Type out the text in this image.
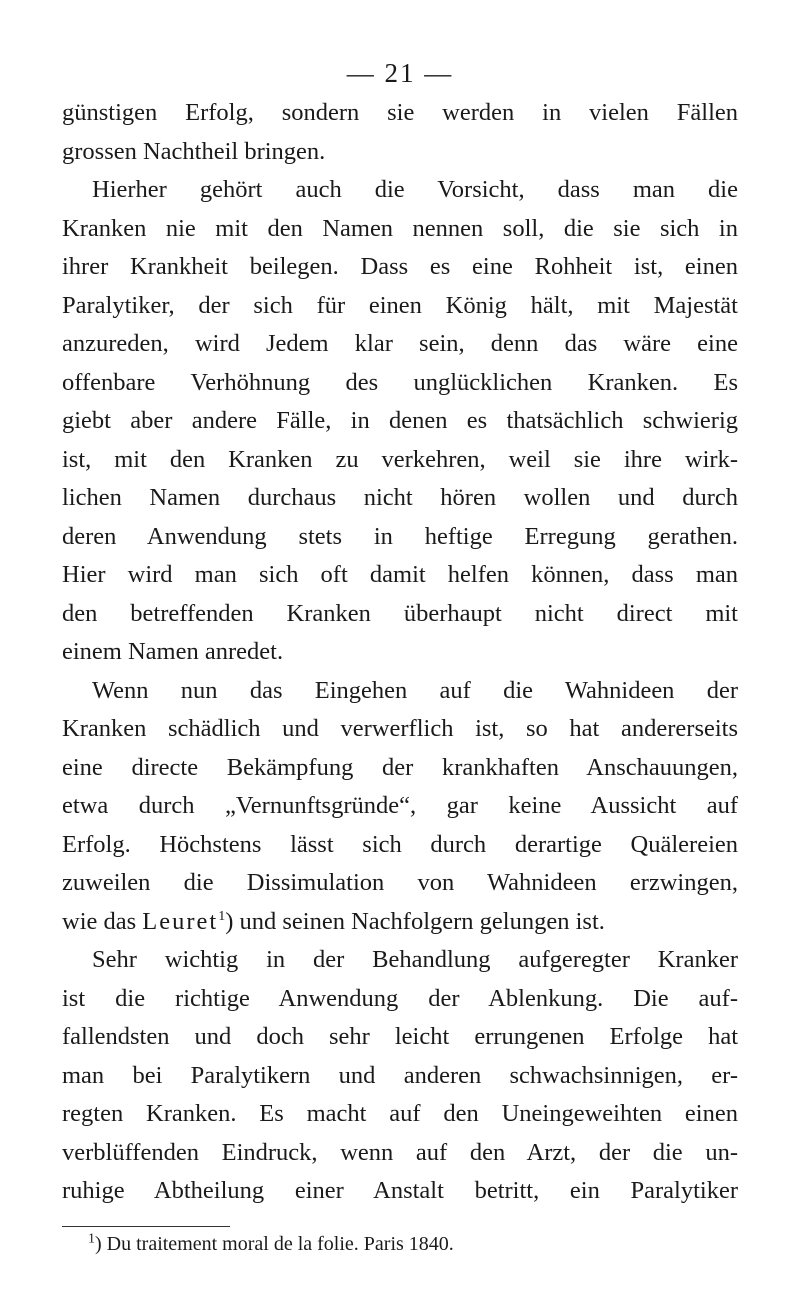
— 21 —
günstigen Erfolg, sondern sie werden in vielen Fällen
grossen Nachtheil bringen.
Hierher gehört auch die Vorsicht, dass man die
Kranken nie mit den Namen nennen soll, die sie sich in
ihrer Krankheit beilegen. Dass es eine Rohheit ist, einen
Paralytiker, der sich für einen König hält, mit Majestät
anzureden, wird Jedem klar sein, denn das wäre eine
offenbare Verhöhnung des unglücklichen Kranken. Es
giebt aber andere Fälle, in denen es thatsächlich schwierig
ist, mit den Kranken zu verkehren, weil sie ihre wirk-
lichen Namen durchaus nicht hören wollen und durch
deren Anwendung stets in heftige Erregung gerathen.
Hier wird man sich oft damit helfen können, dass man
den betreffenden Kranken überhaupt nicht direct mit
einem Namen anredet.
Wenn nun das Eingehen auf die Wahnideen der
Kranken schädlich und verwerflich ist, so hat andererseits
eine directe Bekämpfung der krankhaften Anschauungen,
etwa durch „Vernunftsgründe“, gar keine Aussicht auf
Erfolg. Höchstens lässt sich durch derartige Quälereien
zuweilen die Dissimulation von Wahnideen erzwingen,
wie das Leuret$^1$) und seinen Nachfolgern gelungen ist.
Sehr wichtig in der Behandlung aufgeregter Kranker
ist die richtige Anwendung der Ablenkung. Die auf-
fallendsten und doch sehr leicht errungenen Erfolge hat
man bei Paralytikern und anderen schwachsinnigen, er-
regten Kranken. Es macht auf den Uneingeweihten einen
verblüffenden Eindruck, wenn auf den Arzt, der die un-
ruhige Abtheilung einer Anstalt betritt, ein Paralytiker
$^1$) Du traitement moral de la folie. Paris 1840.
